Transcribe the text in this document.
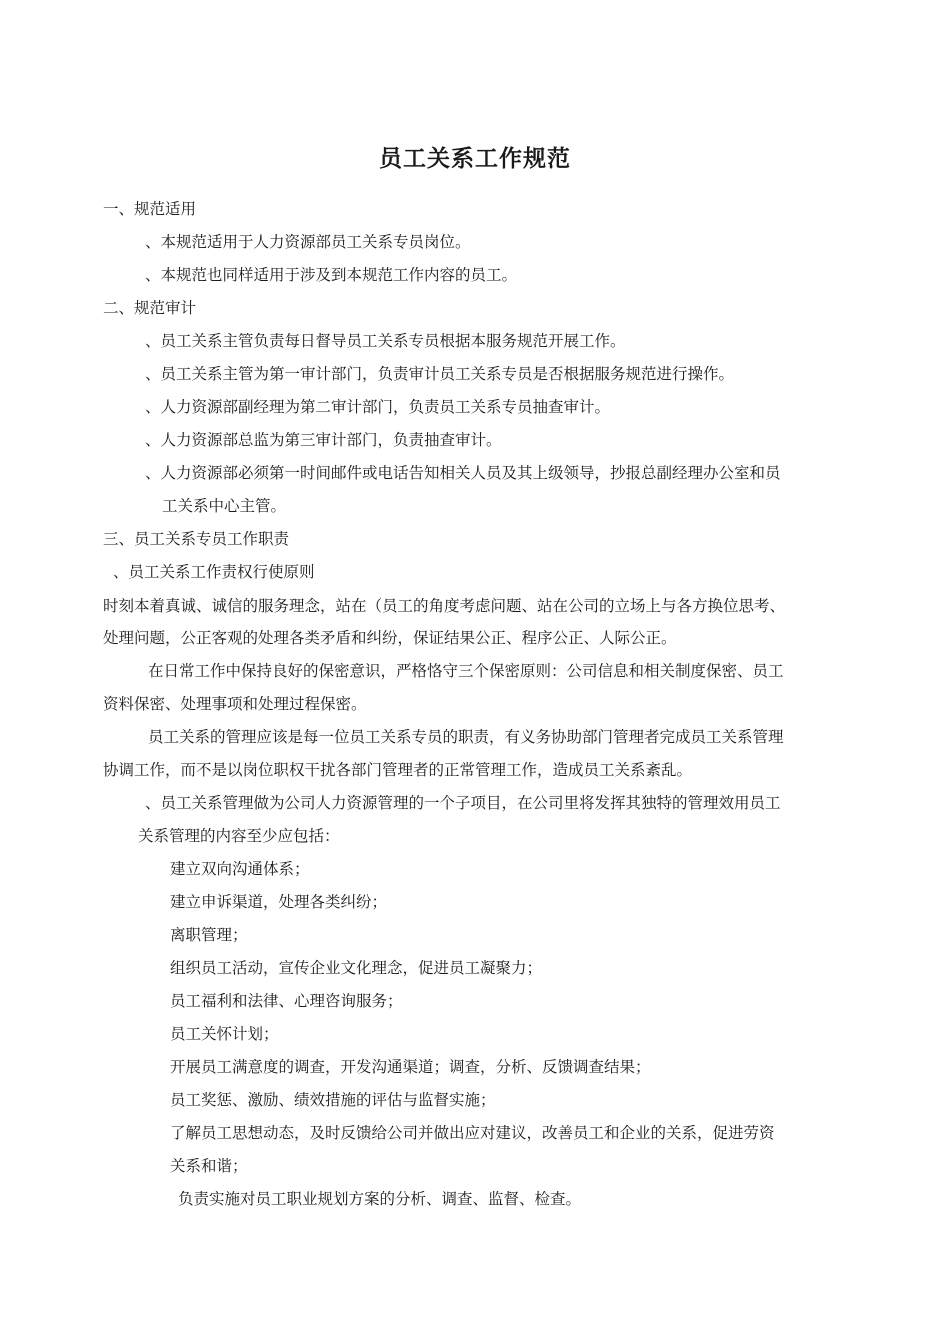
员工关系工作规范
一、规范适用
、本规范适用于人力资源部员工关系专员岗位。
、本规范也同样适用于涉及到本规范工作内容的员工。
二、规范审计
、员工关系主管负责每日督导员工关系专员根据本服务规范开展工作。
、员工关系主管为第一审计部门，负责审计员工关系专员是否根据服务规范进行操作。
、人力资源部副经理为第二审计部门，负责员工关系专员抽查审计。
、人力资源部总监为第三审计部门，负责抽查审计。
、人力资源部必须第一时间邮件或电话告知相关人员及其上级领导，抄报总副经理办公室和员
工关系中心主管。
三、员工关系专员工作职责
、员工关系工作责权行使原则
时刻本着真诚、诚信的服务理念，站在（员工的角度考虑问题、站在公司的立场上与各方换位思考、
处理问题，公正客观的处理各类矛盾和纠纷，保证结果公正、程序公正、人际公正。
在日常工作中保持良好的保密意识，严格恪守三个保密原则：公司信息和相关制度保密、员工
资料保密、处理事项和处理过程保密。
员工关系的管理应该是每一位员工关系专员的职责，有义务协助部门管理者完成员工关系管理
协调工作，而不是以岗位职权干扰各部门管理者的正常管理工作，造成员工关系紊乱。
、员工关系管理做为公司人力资源管理的一个子项目，在公司里将发挥其独特的管理效用员工
关系管理的内容至少应包括：
建立双向沟通体系；
建立申诉渠道，处理各类纠纷；
离职管理；
组织员工活动，宣传企业文化理念，促进员工凝聚力；
员工福利和法律、心理咨询服务；
员工关怀计划；
开展员工满意度的调查，开发沟通渠道；调查，分析、反馈调查结果；
员工奖惩、激励、绩效措施的评估与监督实施；
了解员工思想动态，及时反馈给公司并做出应对建议，改善员工和企业的关系，促进劳资
关系和谐；
负责实施对员工职业规划方案的分析、调查、监督、检查。
